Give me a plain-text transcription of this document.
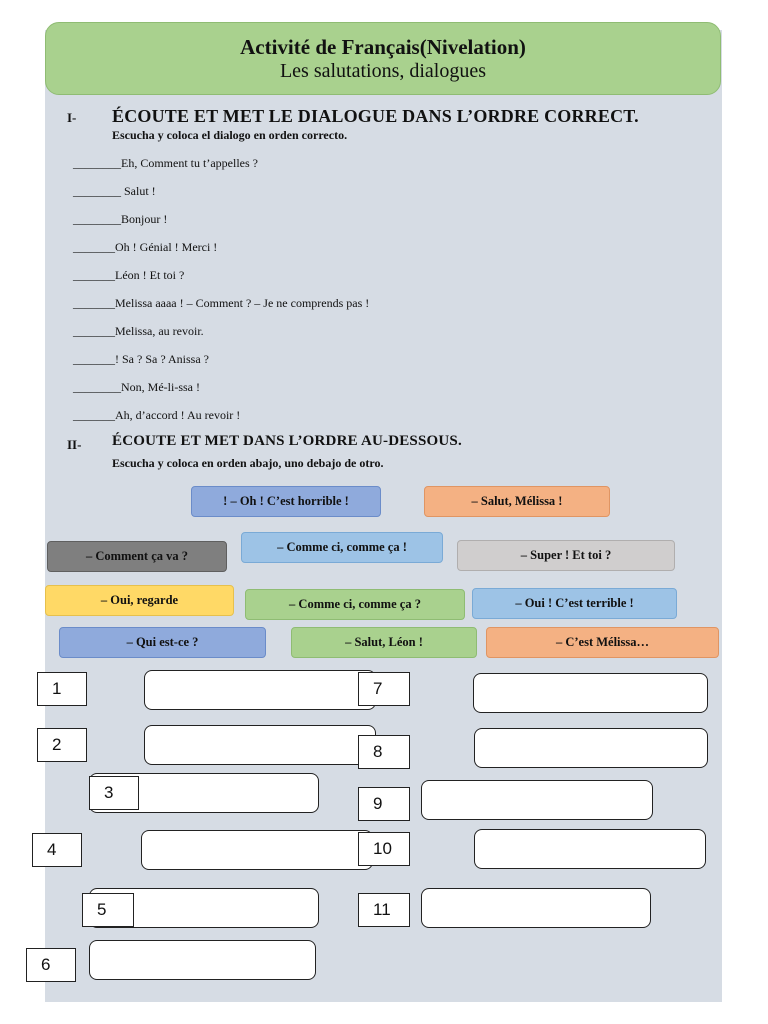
Activité de Français(Nivelation)
Les salutations, dialogues
I- ÉCOUTE ET MET LE DIALOGUE DANS L’ORDRE CORRECT.
Escucha y coloca el dialogo en orden correcto.
________Eh, Comment tu t’appelles ?
________ Salut !
________Bonjour !
_______Oh ! Génial ! Merci !
_______Léon ! Et toi ?
_______Melissa aaaa ! – Comment ? – Je ne comprends pas !
_______Melissa, au revoir.
_______! Sa ? Sa ? Anissa ?
________Non, Mé-li-ssa !
_______Ah, d’accord ! Au revoir !
II- ÉCOUTE ET MET DANS L’ORDRE AU-DESSOUS.
Escucha y coloca en orden abajo, uno debajo de otro.
! – Oh ! C’est horrible !	– Salut, Mélissa !
– Comment ça va ?
– Comme ci, comme ça !
– Super ! Et toi ?
– Oui, regarde	– Comme ci, comme ça ?	– Oui ! C’est terrible !
– Qui est-ce ?	– Salut, Léon !	– C’est Mélissa…
1
2
3
4
5
6
7
8
9
10
11
